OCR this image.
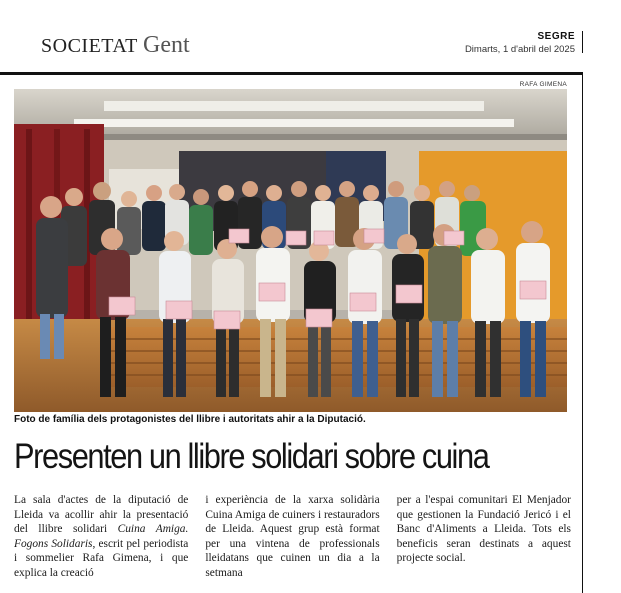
SOCIETAT Gent	SEGRE
Dimarts, 1 d'abril del 2025
RAFA GIMENA
Foto de família dels protagonistes del llibre i autoritats ahir a la Diputació.
Presenten un llibre solidari sobre cuina
La sala d'actes de la diputació de Lleida va acollir ahir la presentació del llibre solidari Cuina Amiga. Fogons Solidaris, escrit pel periodista i sommelier Rafa Gimena, i que explica la creació
i experiència de la xarxa solidària Cuina Amiga de cuiners i restauradors de Lleida. Aquest grup està format per una vintena de professionals lleidatans que cuinen un dia a la setmana
per a l'espai comunitari El Menjador que gestionen la Fundació Jericó i el Banc d'Aliments a Lleida. Tots els beneficis seran destinats a aquest projecte social.
